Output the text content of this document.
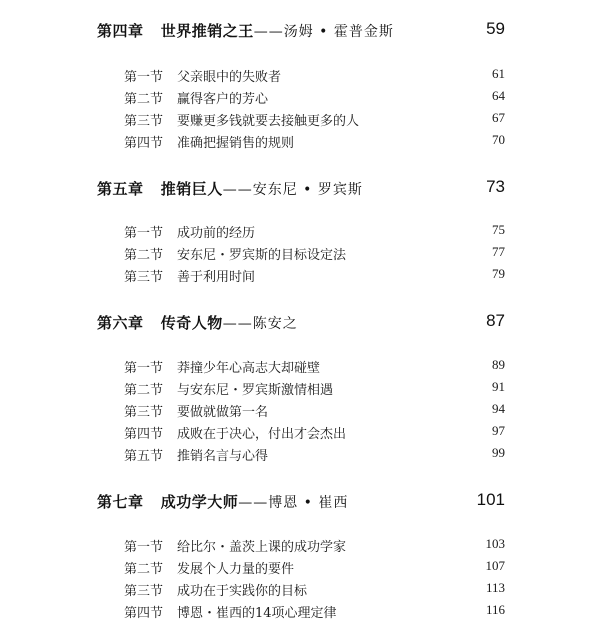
第四章 世界推销之王——汤姆 • 霍普金斯	59
第一节 父亲眼中的失败者	61
第二节 赢得客户的芳心	64
第三节 要赚更多钱就要去接触更多的人	67
第四节 准确把握销售的规则	70
第五章 推销巨人——安东尼 • 罗宾斯	73
第一节 成功前的经历	75
第二节 安东尼・罗宾斯的目标设定法	77
第三节 善于利用时间	79
第六章 传奇人物——陈安之	87
第一节 莽撞少年心高志大却碰壁	89
第二节 与安东尼・罗宾斯激情相遇	91
第三节 要做就做第一名	94
第四节 成败在于决心，付出才会杰出	97
第五节 推销名言与心得	99
第七章 成功学大师——博恩 • 崔西	101
第一节 给比尔・盖茨上课的成功学家	103
第二节 发展个人力量的要件	107
第三节 成功在于实践你的目标	113
第四节 博恩・崔西的14项心理定律	116
